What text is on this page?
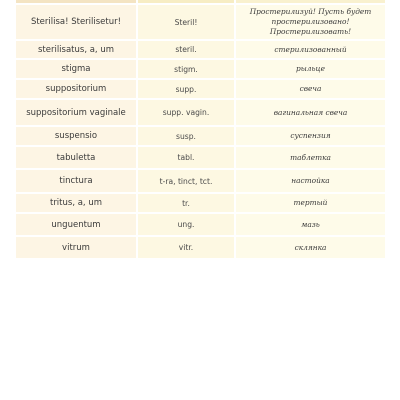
Sterilisa! Sterilisetur!	Steril!	Простерилизуй! Пусть будет простерилизовано! Простерилизовать!
sterilisatus, a, um	steril.	стерилизованный
stigma	stigm.	рыльце
suppositorium	supp.	свеча
suppositorium vaginale	supp. vagin.	вагинальная свеча
suspensio	susp.	суспензия
tabuletta	tabl.	таблетка
tinctura	t-ra, tinct, tct.	настойка
tritus, a, um	tr.	тертый
unguentum	ung.	мазь
vitrum	vitr.	склянка
